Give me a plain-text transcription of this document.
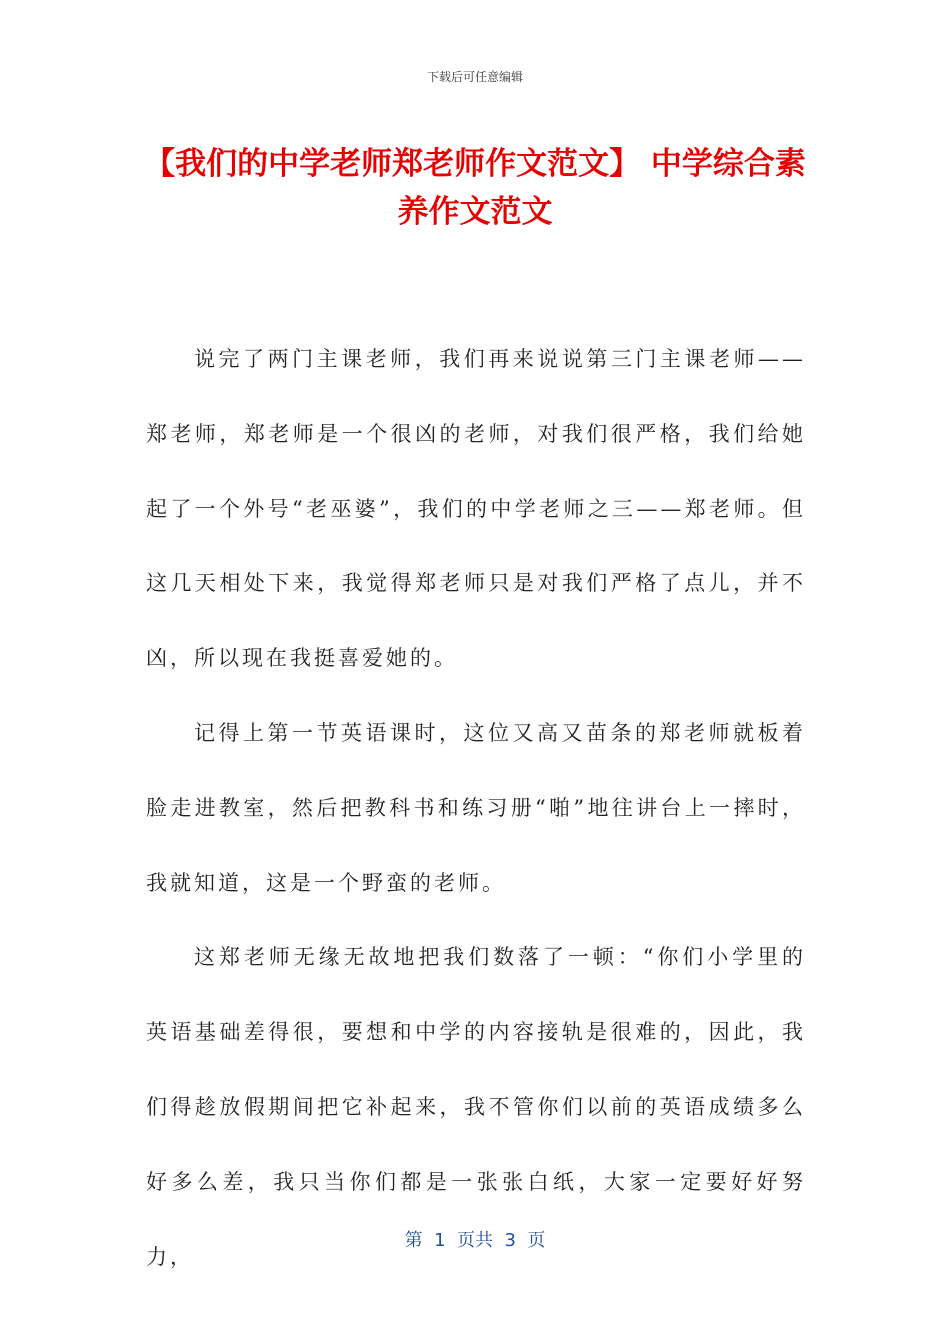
下载后可任意编辑
【我们的中学老师郑老师作文范文】 中学综合素养作文范文

说完了两门主课老师，我们再来说说第三门主课老师——郑老师，郑老师是一个很凶的老师，对我们很严格，我们给她起了一个外号“老巫婆”，我们的中学老师之三——郑老师。但这几天相处下来，我觉得郑老师只是对我们严格了点儿，并不凶，所以现在我挺喜爱她的。

记得上第一节英语课时，这位又高又苗条的郑老师就板着脸走进教室，然后把教科书和练习册“啪”地往讲台上一摔时，我就知道，这是一个野蛮的老师。

这郑老师无缘无故地把我们数落了一顿：“你们小学里的英语基础差得很，要想和中学的内容接轨是很难的，因此，我们得趁放假期间把它补起来，我不管你们以前的英语成绩多么好多么差，我只当你们都是一张张白纸，大家一定要好好努力，

第  1  页共  3  页
